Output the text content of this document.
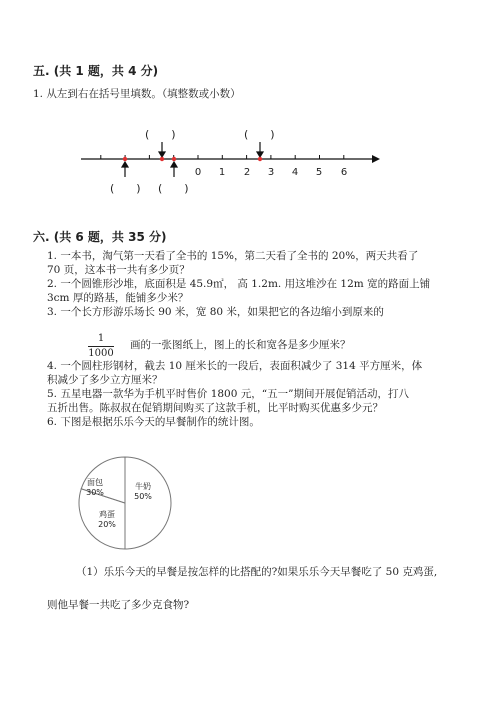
五. (共 1 题，共 4 分)
1. 从左到右在括号里填数。（填整数或小数）
(　　)	(　　)
0 1 2 3 4 5 6
(　　) (　　)
六. (共 6 题，共 35 分)
1. 一本书，淘气第一天看了全书的 15%，第二天看了全书的 20%，两天共看了
70 页，这本书一共有多少页？
2. 一个圆锥形沙堆，底面积是 45.9㎡， 高 1.2m. 用这堆沙在 12m 宽的路面上铺
3cm 厚的路基，能铺多少米？
3. 一个长方形游乐场长 90 米，宽 80 米，如果把它的各边缩小到原来的
1
1000
画的一张图纸上，图上的长和宽各是多少厘米？
4. 一个圆柱形钢材，截去 10 厘米长的一段后，表面积减少了 314 平方厘米，体
积减少了多少立方厘米？
5. 五星电器一款华为手机平时售价 1800 元，“五一”期间开展促销活动，打八
五折出售。陈叔叔在促销期间购买了这款手机，比平时购买优惠多少元？
6. 下图是根据乐乐今天的早餐制作的统计图。
牛奶
50%
面包
30%
鸡蛋
20%
（1）乐乐今天的早餐是按怎样的比搭配的?如果乐乐今天早餐吃了 50 克鸡蛋,
则他早餐一共吃了多少克食物?
